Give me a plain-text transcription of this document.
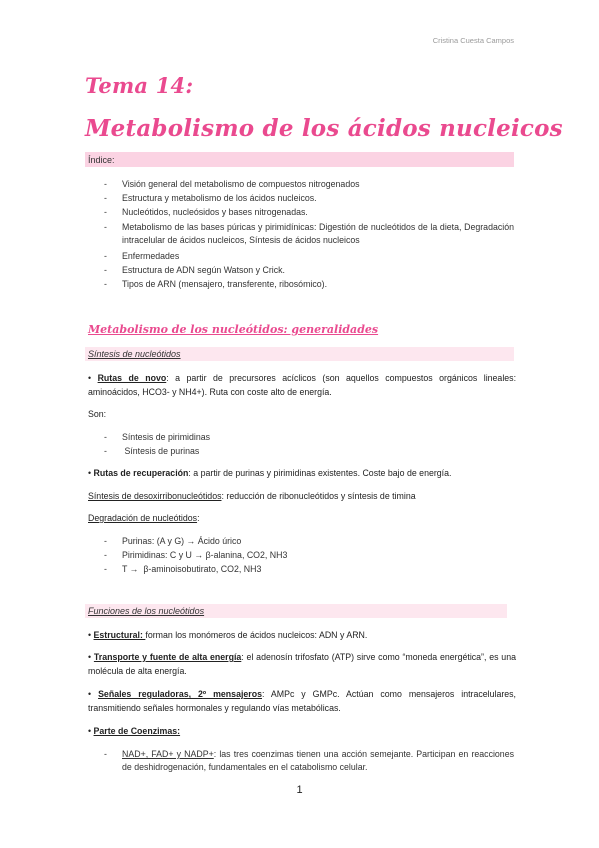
Cristina Cuesta Campos
Tema 14:
Metabolismo de los ácidos nucleicos
Índice:
- Visión general del metabolismo de compuestos nitrogenados
- Estructura y metabolismo de los ácidos nucleicos.
- Nucleótidos, nucleósidos y bases nitrogenadas.
- Metabolismo de las bases púricas y pirimidínicas: Digestión de nucleótidos de la dieta, Degradación intracelular de ácidos nucleicos, Síntesis de ácidos nucleicos
- Enfermedades
- Estructura de ADN según Watson y Crick.
- Tipos de ARN (mensajero, transferente, ribosómico).
Metabolismo de los nucleótidos: generalidades
Síntesis de nucleótidos
• Rutas de novo: a partir de precursores acíclicos (son aquellos compuestos orgánicos lineales: aminoácidos, HCO3- y NH4+). Ruta con coste alto de energía.
Son:
- Síntesis de pirimidinas
- Síntesis de purinas
• Rutas de recuperación: a partir de purinas y pirimidinas existentes. Coste bajo de energía.
Síntesis de desoxirribonucleótidos: reducción de ribonucleótidos y síntesis de timina
Degradación de nucleótidos:
- Purinas: (A y G) → Ácido úrico
- Pirimidinas: C y U → β-alanina, CO2, NH3
- T →  β-aminoisobutirato, CO2, NH3
Funciones de los nucleótidos
• Estructural: forman los monómeros de ácidos nucleicos: ADN y ARN.
• Transporte y fuente de alta energía: el adenosín trifosfato (ATP) sirve como “moneda energética”, es una molécula de alta energía.
• Señales reguladoras, 2º mensajeros: AMPc y GMPc. Actúan como mensajeros intracelulares, transmitiendo señales hormonales y regulando vías metabólicas.
• Parte de Coenzimas:
- NAD+, FAD+ y NADP+: las tres coenzimas tienen una acción semejante. Participan en reacciones de deshidrogenación, fundamentales en el catabolismo celular.
1
